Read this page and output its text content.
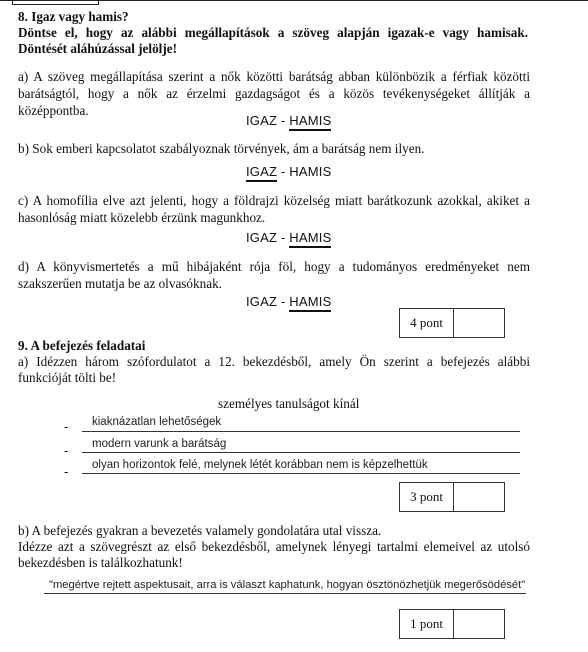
8. Igaz vagy hamis?
Döntse el, hogy az alábbi megállapítások a szöveg alapján igazak-e vagy hamisak.
Döntését aláhúzással jelölje!
a) A szöveg megállapítása szerint a nők közötti barátság abban különbözik a férfiak közötti
barátságtól, hogy a nők az érzelmi gazdagságot és a közös tevékenységeket állítják a
középpontba.
IGAZ - HAMIS
b) Sok emberi kapcsolatot szabályoznak törvények, ám a barátság nem ilyen.
IGAZ - HAMIS
c) A homofília elve azt jelenti, hogy a földrajzi közelség miatt barátkozunk azokkal, akiket a
hasonlóság miatt közelebb érzünk magunkhoz.
IGAZ - HAMIS
d) A könyvismertetés a mű hibájaként rója föl, hogy a tudományos eredményeket nem
szakszerűen mutatja be az olvasóknak.
IGAZ - HAMIS
4 pont
9. A befejezés feladatai
a) Idézzen három szófordulatot a 12. bekezdésből, amely Ön szerint a befejezés alábbi
funkcióját tölti be!
személyes tanulságot kínál
- kiaknázatlan lehetőségek
- modern varunk a barátság
- olyan horizontok felé, melynek létét korábban nem is képzelhettük
3 pont
b) A befejezés gyakran a bevezetés valamely gondolatára utal vissza.
Idézze azt a szövegrészt az első bekezdésből, amelynek lényegi tartalmi elemeivel az utolsó
bekezdésben is találkozhatunk!
"megértve rejtett aspektusait, arra is választ kaphatunk, hogyan ösztönözhetjük megerősödését"
1 pont
